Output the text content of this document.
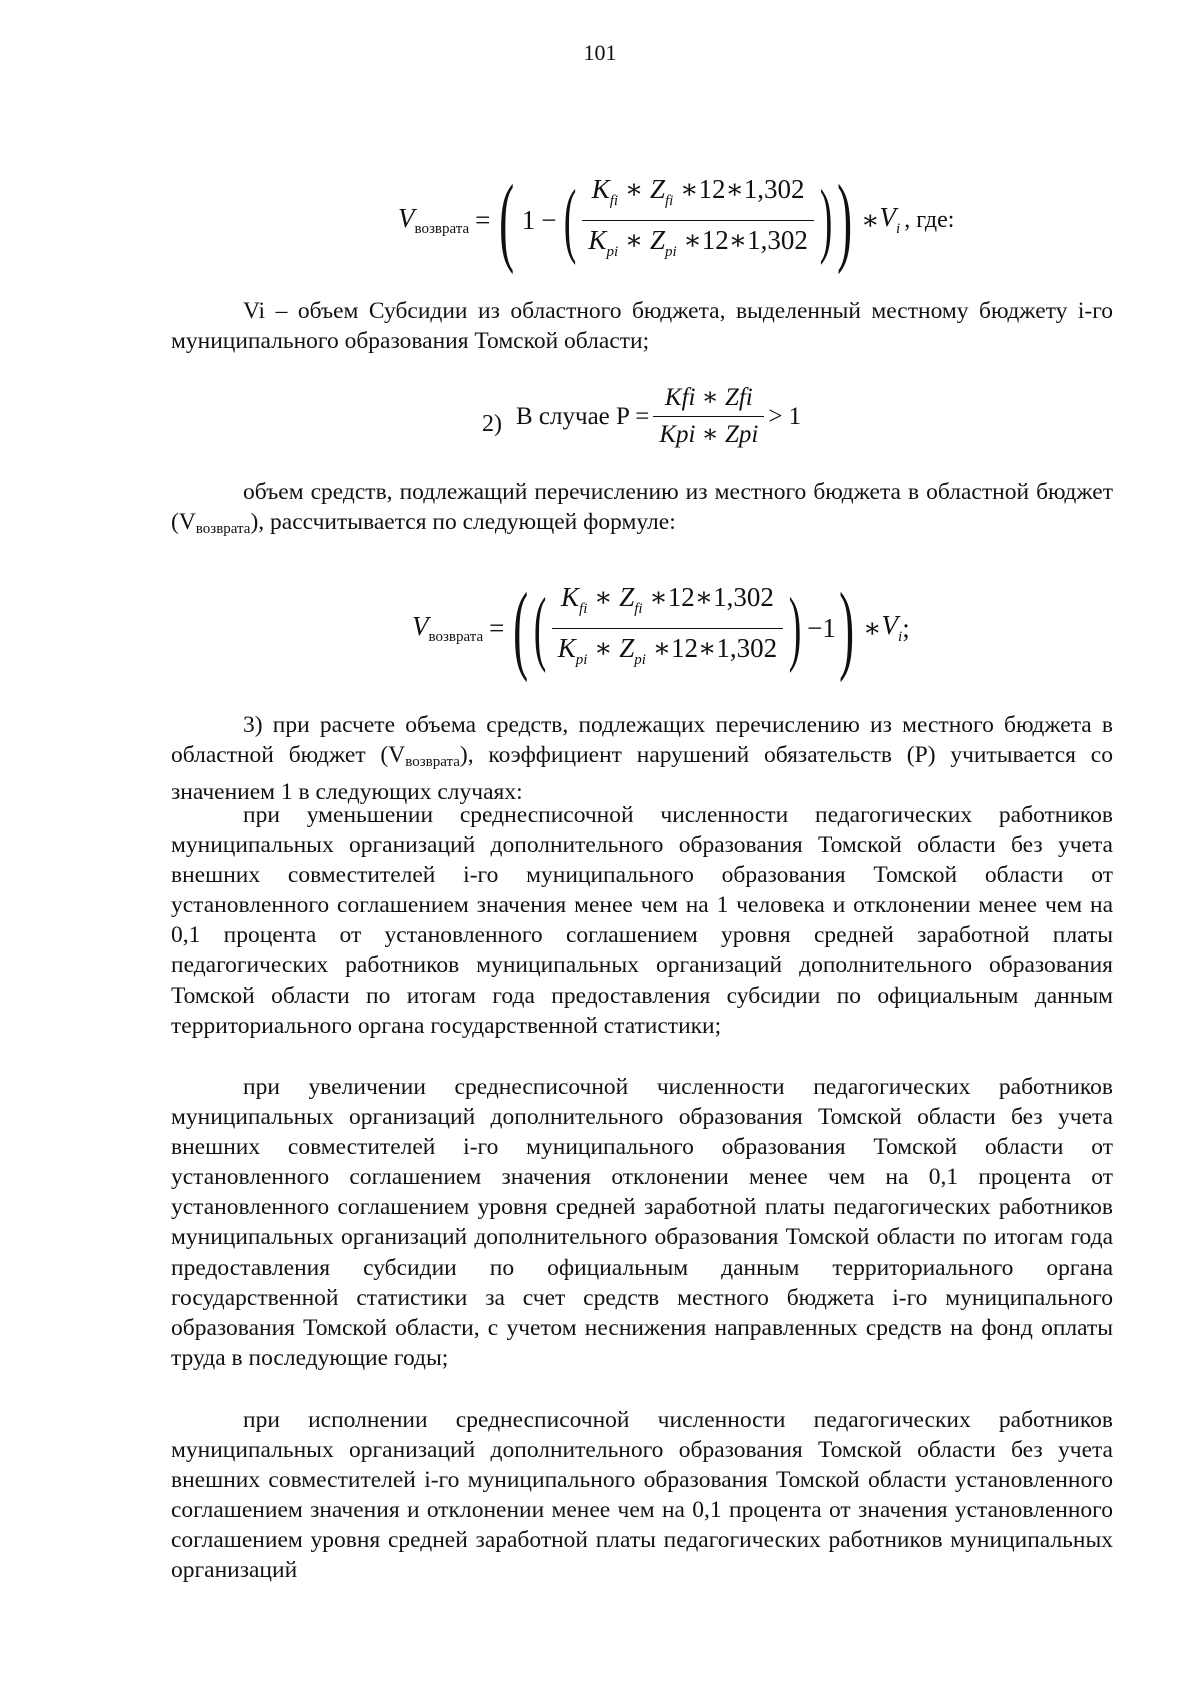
101
$V_{возврата}$ = ( 1 − ( $\frac{K_{fi} ∗ Z_{fi} ∗12∗1,302}{K_{pi} ∗ Z_{pi} ∗12∗1,302}$ ) ) ∗ $V_i$ , где:
Vi – объем Субсидии из областного бюджета, выделенный местному бюджету i-го муниципального образования Томской области;
2) В случае $P = \frac{\text{Kfi ∗ Zfi}}{\text{Kpi ∗ Zpi}} > 1$
объем средств, подлежащий перечислению из местного бюджета в областной бюджет (Vвозврата), рассчитывается по следующей формуле:
$V_{возврата}$ = ( ( $\frac{K_{fi} ∗ Z_{fi} ∗12∗1,302}{K_{pi} ∗ Z_{pi} ∗12∗1,302}$ ) −1 ) ∗ $V_i$ ;
3) при расчете объема средств, подлежащих перечислению из местного бюджета в областной бюджет (Vвозврата), коэффициент нарушений обязательств (P) учитывается со значением 1 в следующих случаях:
при уменьшении среднесписочной численности педагогических работников муниципальных организаций дополнительного образования Томской области без учета внешних совместителей i-го муниципального образования Томской области от установленного соглашением значения менее чем на 1 человека и отклонении менее чем на 0,1 процента от установленного соглашением уровня средней заработной платы педагогических работников муниципальных организаций дополнительного образования Томской области по итогам года предоставления субсидии по официальным данным территориального органа государственной статистики;
при увеличении среднесписочной численности педагогических работников муниципальных организаций дополнительного образования Томской области без учета внешних совместителей i-го муниципального образования Томской области от установленного соглашением значения отклонении менее чем на 0,1 процента от установленного соглашением уровня средней заработной платы педагогических работников муниципальных организаций дополнительного образования Томской области по итогам года предоставления субсидии по официальным данным территориального органа государственной статистики за счет средств местного бюджета i-го муниципального образования Томской области, с учетом неснижения направленных средств на фонд оплаты труда в последующие годы;
при исполнении среднесписочной численности педагогических работников муниципальных организаций дополнительного образования Томской области без учета внешних совместителей i-го муниципального образования Томской области установленного соглашением значения и отклонении менее чем на 0,1 процента от значения установленного соглашением уровня средней заработной платы педагогических работников муниципальных организаций
